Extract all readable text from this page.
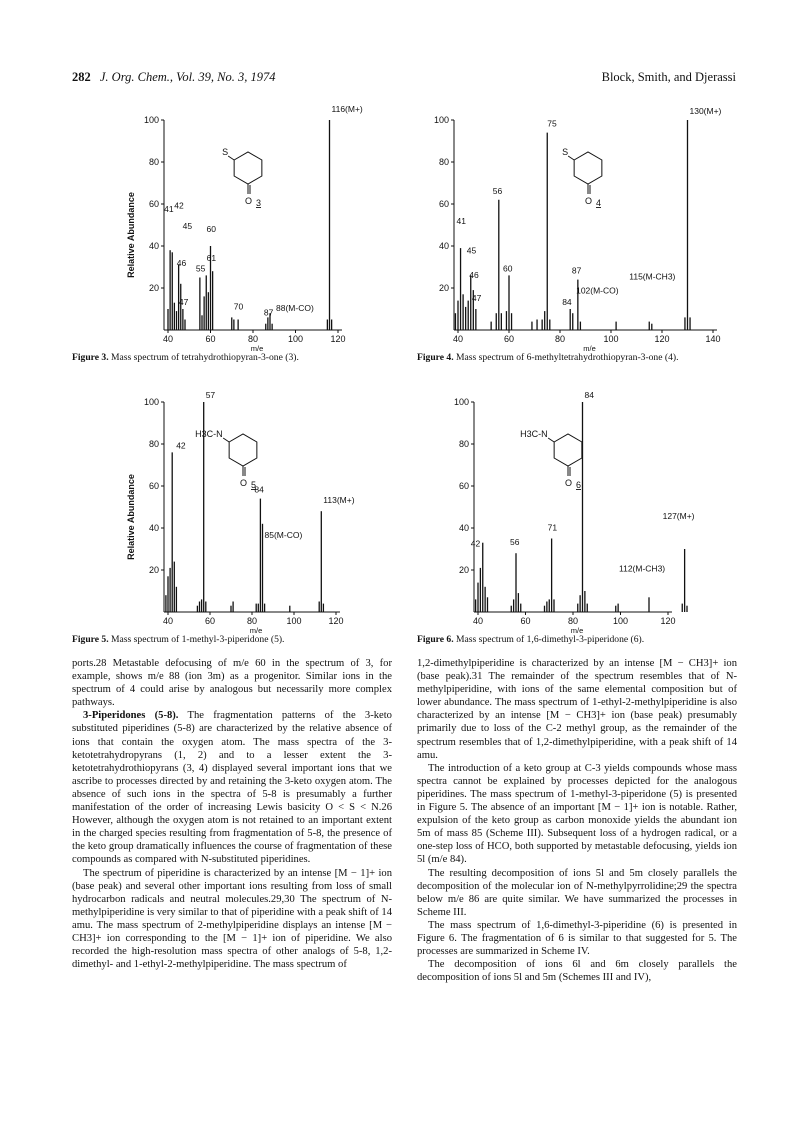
282 J. Org. Chem., Vol. 39, No. 3, 1974	Block, Smith, and Djerassi
20
40
60
80
100
40	60	80	100	120
m/e
Relative Abundance
116(M+)
41 42
45
46
55
60
61
47	70	88(M-CO)
87
S
O 3
Figure 3. Mass spectrum of tetrahydrothiopyran-3-one (3).
20
40
60
80
100
40	60	80	100	120	140
m/e
130(M+)
75
56
41
45
46
60
47
87
84
115(M-CH3)
102(M-CO)
S
O 4
Figure 4. Mass spectrum of 6-methyltetrahydrothiopyran-3-one (4).
20
40
60
80
100
40	60	80	100	120
m/e
Relative Abundance
57
42
84
85(M-CO)
113(M+)
H3C-N
O 5
Figure 5. Mass spectrum of 1-methyl-3-piperidone (5).
20
40
60
80
100
40	60	80	100	120
m/e
84
71
56
42
127(M+)
112(M-CH3)
H3C-N
O 6
Figure 6. Mass spectrum of 1,6-dimethyl-3-piperidone (6).

ports.28 Metastable defocusing of m/e 60 in the spectrum of 3, for example, shows m/e 88 (ion 3m) as a progenitor. Similar ions in the spectrum of 4 could arise by analogous but necessarily more complex pathways.

3-Piperidones (5-8). The fragmentation patterns of the 3-keto substituted piperidines (5-8) are characterized by the relative absence of ions that contain the oxygen atom. The mass spectra of the 3-ketotetrahydropyrans (1, 2) and to a lesser extent the 3-ketotetrahydrothiopyrans (3, 4) displayed several important ions that we ascribe to processes directed by and retaining the 3-keto oxygen atom. The absence of such ions in the spectra of 5-8 is presumably a further manifestation of the order of increasing Lewis basicity O < S < N.26 However, although the oxygen atom is not retained to an important extent in the charged species resulting from fragmentation of 5-8, the presence of the keto group dramatically influences the course of fragmentation of these compounds as compared with N-substituted piperidines.

The spectrum of piperidine is characterized by an intense [M − 1]+ ion (base peak) and several other important ions resulting from loss of small hydrocarbon radicals and neutral molecules.29,30 The spectrum of N-methylpiperidine is very similar to that of piperidine with a peak shift of 14 amu. The mass spectrum of 2-methylpiperidine displays an intense [M − CH3]+ ion corresponding to the [M − 1]+ ion of piperidine. We also recorded the high-resolution mass spectra of other analogs of 5-8, 1,2-dimethyl- and 1-ethyl-2-methylpiperidine. The mass spectrum of

1,2-dimethylpiperidine is characterized by an intense [M − CH3]+ ion (base peak).31 The remainder of the spectrum resembles that of N-methylpiperidine, with ions of the same elemental composition but of lower abundance. The mass spectrum of 1-ethyl-2-methylpiperidine is also characterized by an intense [M − CH3]+ ion (base peak) presumably primarily due to loss of the C-2 methyl group, as the remainder of the spectrum resembles that of 1,2-dimethylpiperidine, with a peak shift of 14 amu.

The introduction of a keto group at C-3 yields compounds whose mass spectra cannot be explained by processes depicted for the analogous piperidines. The mass spectrum of 1-methyl-3-piperidone (5) is presented in Figure 5. The absence of an important [M − 1]+ ion is notable. Rather, expulsion of the keto group as carbon monoxide yields the abundant ion 5m of mass 85 (Scheme III). Subsequent loss of a hydrogen radical, or a one-step loss of HCO, both supported by metastable defocusing, yields ion 5l (m/e 84).

The resulting decomposition of ions 5l and 5m closely parallels the decomposition of the molecular ion of N-methylpyrrolidine;29 the spectra below m/e 86 are quite similar. We have summarized the processes in Scheme III.

The mass spectrum of 1,6-dimethyl-3-piperidine (6) is presented in Figure 6. The fragmentation of 6 is similar to that suggested for 5. The processes are summarized in Scheme IV.

The decomposition of ions 6l and 6m closely parallels the decomposition of ions 5l and 5m (Schemes III and IV),
